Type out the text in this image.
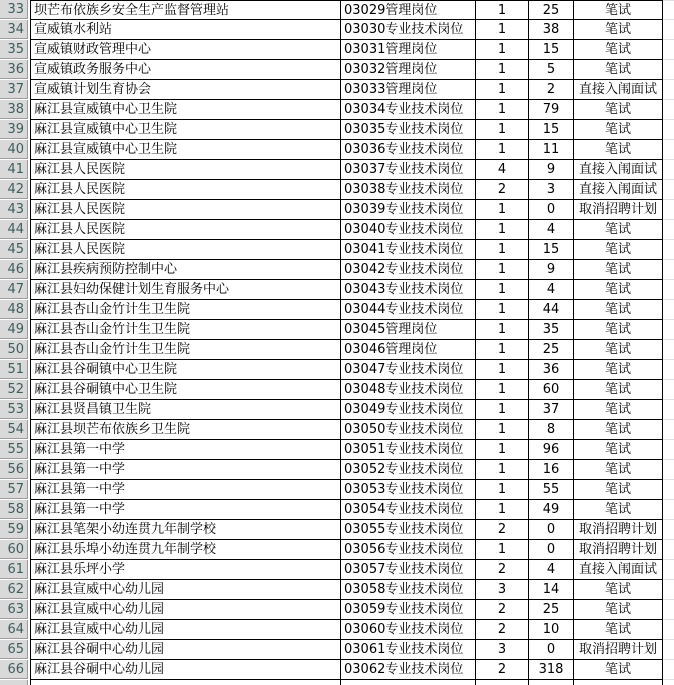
33 坝芒布依族乡安全生产监督管理站	03029管理岗位	1	25	笔试
34 宣威镇水利站	03030专业技术岗位	1	38	笔试
35 宣威镇财政管理中心	03031管理岗位	1	15	笔试
36 宣威镇政务服务中心	03032管理岗位	1	5	笔试
37 宣威镇计划生育协会	03033管理岗位	1	2	直接入闱面试
38 麻江县宣威镇中心卫生院	03034专业技术岗位	1	79	笔试
39 麻江县宣威镇中心卫生院	03035专业技术岗位	1	15	笔试
40 麻江县宣威镇中心卫生院	03036专业技术岗位	1	11	笔试
41 麻江县人民医院	03037专业技术岗位	4	9	直接入闱面试
42 麻江县人民医院	03038专业技术岗位	2	3	直接入闱面试
43 麻江县人民医院	03039专业技术岗位	1	0	取消招聘计划
44 麻江县人民医院	03040专业技术岗位	1	4	笔试
45 麻江县人民医院	03041专业技术岗位	1	15	笔试
46 麻江县疾病预防控制中心	03042专业技术岗位	1	9	笔试
47 麻江县妇幼保健计划生育服务中心	03043专业技术岗位	1	4	笔试
48 麻江县杏山金竹计生卫生院	03044专业技术岗位	1	44	笔试
49 麻江县杏山金竹计生卫生院	03045管理岗位	1	35	笔试
50 麻江县杏山金竹计生卫生院	03046管理岗位	1	25	笔试
51 麻江县谷硐镇中心卫生院	03047专业技术岗位	1	36	笔试
52 麻江县谷硐镇中心卫生院	03048专业技术岗位	1	60	笔试
53 麻江县贤昌镇卫生院	03049专业技术岗位	1	37	笔试
54 麻江县坝芒布依族乡卫生院	03050专业技术岗位	1	8	笔试
55 麻江县第一中学	03051专业技术岗位	1	96	笔试
56 麻江县第一中学	03052专业技术岗位	1	16	笔试
57 麻江县第一中学	03053专业技术岗位	1	55	笔试
58 麻江县第一中学	03054专业技术岗位	1	49	笔试
59 麻江县笔架小幼连贯九年制学校	03055专业技术岗位	2	0	取消招聘计划
60 麻江县乐埠小幼连贯九年制学校	03056专业技术岗位	1	0	取消招聘计划
61 麻江县乐坪小学	03057专业技术岗位	2	4	直接入闱面试
62 麻江县宣威中心幼儿园	03058专业技术岗位	3	14	笔试
63 麻江县宣威中心幼儿园	03059专业技术岗位	2	25	笔试
64 麻江县宣威中心幼儿园	03060专业技术岗位	2	10	笔试
65 麻江县谷硐中心幼儿园	03061专业技术岗位	3	0	取消招聘计划
66 麻江县谷硐中心幼儿园	03062专业技术岗位	2	318	笔试
